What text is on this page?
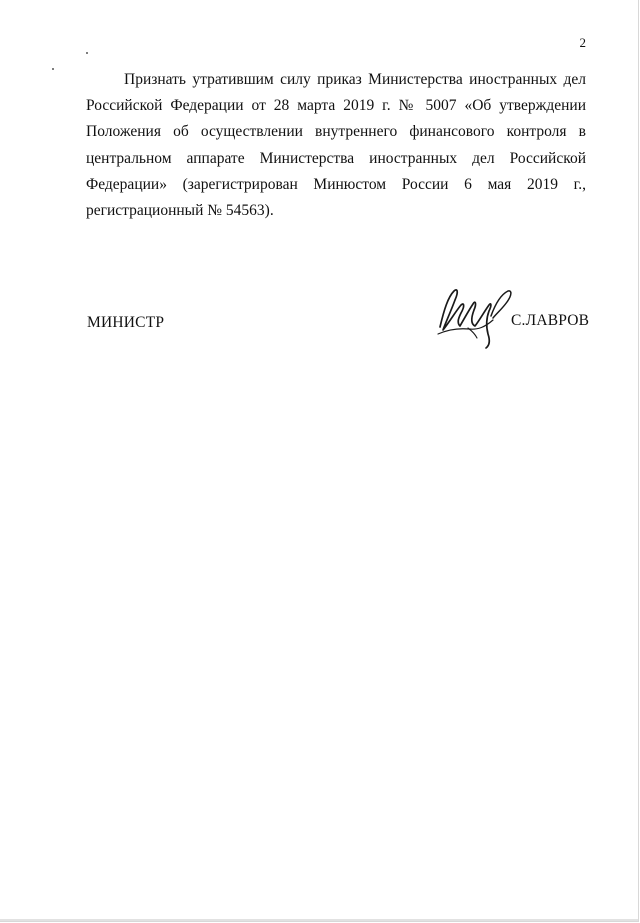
2

Признать утратившим силу приказ Министерства иностранных дел Российской Федерации от 28 марта 2019 г. № 5007 «Об утверждении Положения об осуществлении внутреннего финансового контроля в центральном аппарате Министерства иностранных дел Российской Федерации» (зарегистрирован Минюстом России 6 мая 2019 г., регистрационный № 54563).

МИНИСТР	С.ЛАВРОВ
